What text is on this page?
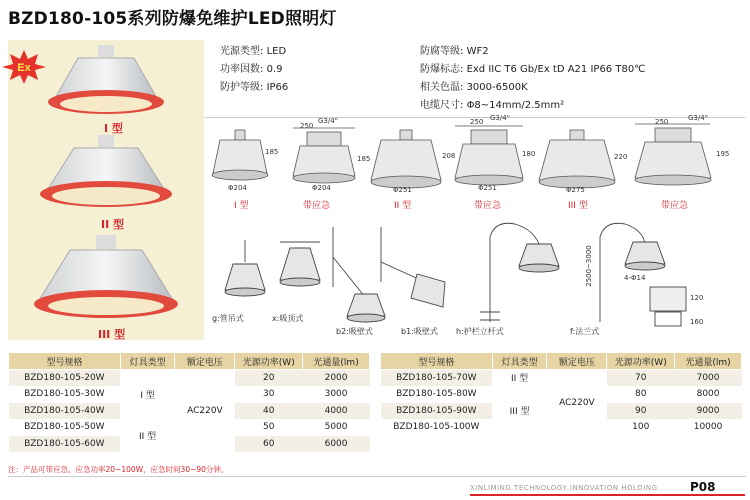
BZD180-105系列防爆免维护LED照明灯
I 型
II 型
III 型
Ex
光源类型: LED
功率因数: 0.9
防护等级: IP66
防腐等级: WF2
防爆标志: Exd IIC T6 Gb/Ex tD A21 IP66 T80℃
相关色温: 3000-6500K
电缆尺寸: Φ8~14mm/2.5mm²
185
Φ204
250
G3/4"
185
Φ204
208
Φ251
250 G3/4"
180
Φ251
220
Φ275
250	G3/4"
195
I 型	带应急	II 型	带应急	III 型	带应急
g:管吊式	x:吸顶式
b2:吸壁式	b1:吸壁式 h:护栏立杆式	f:法兰式
2500~3000	4-Φ14
120
160
型号规格	灯具类型	额定电压	光源功率(W)	光通量(lm)
BZD180-105-20W	I 型	AC220V	20	2000
BZD180-105-30W			30	3000
BZD180-105-40W			40	4000
BZD180-105-50W	II 型		50	5000
BZD180-105-60W			60	6000
型号规格	灯具类型	额定电压	光源功率(W)	光通量(lm)
BZD180-105-70W	II 型	AC220V	70	7000
BZD180-105-80W	III 型		80	8000
BZD180-105-90W			90	9000
BZD180-105-100W			100	10000
注：产品可带应急，应急功率20~100W，应急时间30~90分钟。
XINLIMING TECHNOLOGY INNOVATION HOLDING	P08
